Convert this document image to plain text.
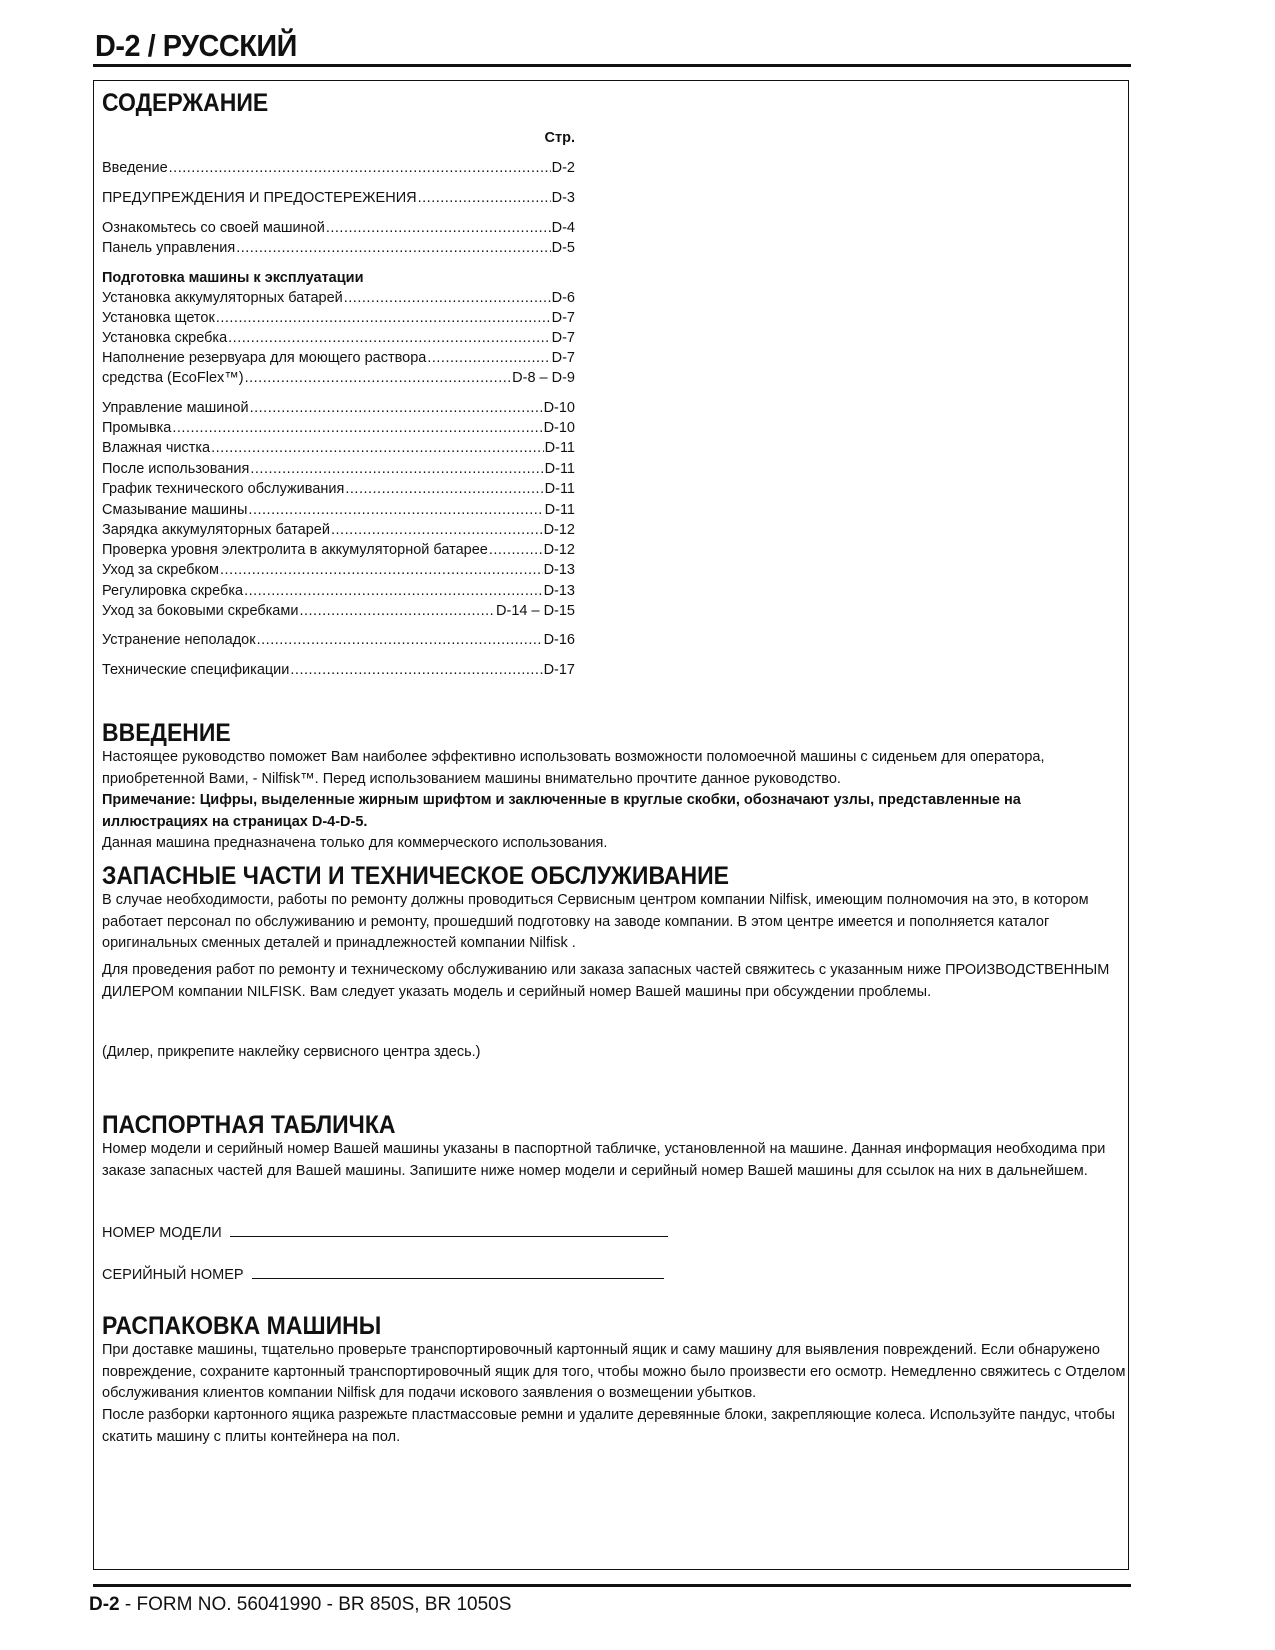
D-2 / РУССКИЙ
СОДЕРЖАНИЕ
Стр.
Введение .....	D-2
ПРЕДУПРЕЖДЕНИЯ И ПРЕДОСТЕРЕЖЕНИЯ .....	D-3
Ознакомьтесь со своей машиной .....	D-4
Панель управления .....	D-5
Установка аккумуляторных батарей .....	D-6
Установка щеток .....	D-7
Установка скребка .....	D-7
Наполнение резервуара для моющего раствора .....	D-7
средства (EcoFlex™) .....	D-8 – D-9
Управление машиной .....	D-10
Промывка .....	D-10
Влажная чистка .....	D-11
После использования .....	D-11
График технического обслуживания .....	D-11
Смазывание машины .....	D-11
Зарядка аккумуляторных батарей .....	D-12
Проверка уровня электролита в аккумуляторной батарее .....	D-12
Уход за скребком .....	D-13
Регулировка скребка .....	D-13
Уход за боковыми скребками .....	D-14 – D-15
Устранение неполадок .....	D-16
Технические спецификации .....	D-17
Подготовка машины к эксплуатации
ВВЕДЕНИЕ

Настоящее руководство поможет Вам наиболее эффективно использовать возможности поломоечной машины с сиденьем для оператора, приобретенной Вами, - Nilfisk™. Перед использованием машины внимательно прочтите данное руководство.

Примечание: Цифры, выделенные жирным шрифтом и заключенные в круглые скобки, обозначают узлы, представленные на иллюстрациях на страницах D-4-D-5.

Данная машина предназначена только для коммерческого использования.

ЗАПАСНЫЕ ЧАСТИ И ТЕХНИЧЕСКОЕ ОБСЛУЖИВАНИЕ

В случае необходимости, работы по ремонту должны проводиться Сервисным центром компании Nilfisk, имеющим полномочия на это, в котором работает персонал по обслуживанию и ремонту, прошедший подготовку на заводе компании. В этом центре имеется и пополняется каталог оригинальных сменных деталей и принадлежностей компании Nilfisk .

Для проведения работ по ремонту и техническому обслуживанию или заказа запасных частей свяжитесь с указанным ниже ПРОИЗВОДСТВЕННЫМ ДИЛЕРОМ компании NILFISK. Вам следует указать модель и серийный номер Вашей машины при обсуждении проблемы.

(Дилер, прикрепите наклейку сервисного центра здесь.)

ПАСПОРТНАЯ ТАБЛИЧКА

Номер модели и серийный номер Вашей машины указаны в паспортной табличке, установленной на машине. Данная информация необходима при заказе запасных частей для Вашей машины. Запишите ниже номер модели и серийный номер Вашей машины для ссылок на них в дальнейшем.

НОМЕР МОДЕЛИ
СЕРИЙНЫЙ НОМЕР
РАСПАКОВКА МАШИНЫ

При доставке машины, тщательно проверьте транспортировочный картонный ящик и саму машину для выявления повреждений. Если обнаружено повреждение, сохраните картонный транспортировочный ящик для того, чтобы можно было произвести его осмотр. Немедленно свяжитесь с Отделом обслуживания клиентов компании Nilfisk для подачи искового заявления о возмещении убытков.

После разборки картонного ящика разрежьте пластмассовые ремни и удалите деревянные блоки, закрепляющие колеса. Используйте пандус, чтобы скатить машину с плиты контейнера на пол.

D-2 - FORM NO. 56041990 - BR 850S, BR 1050S
